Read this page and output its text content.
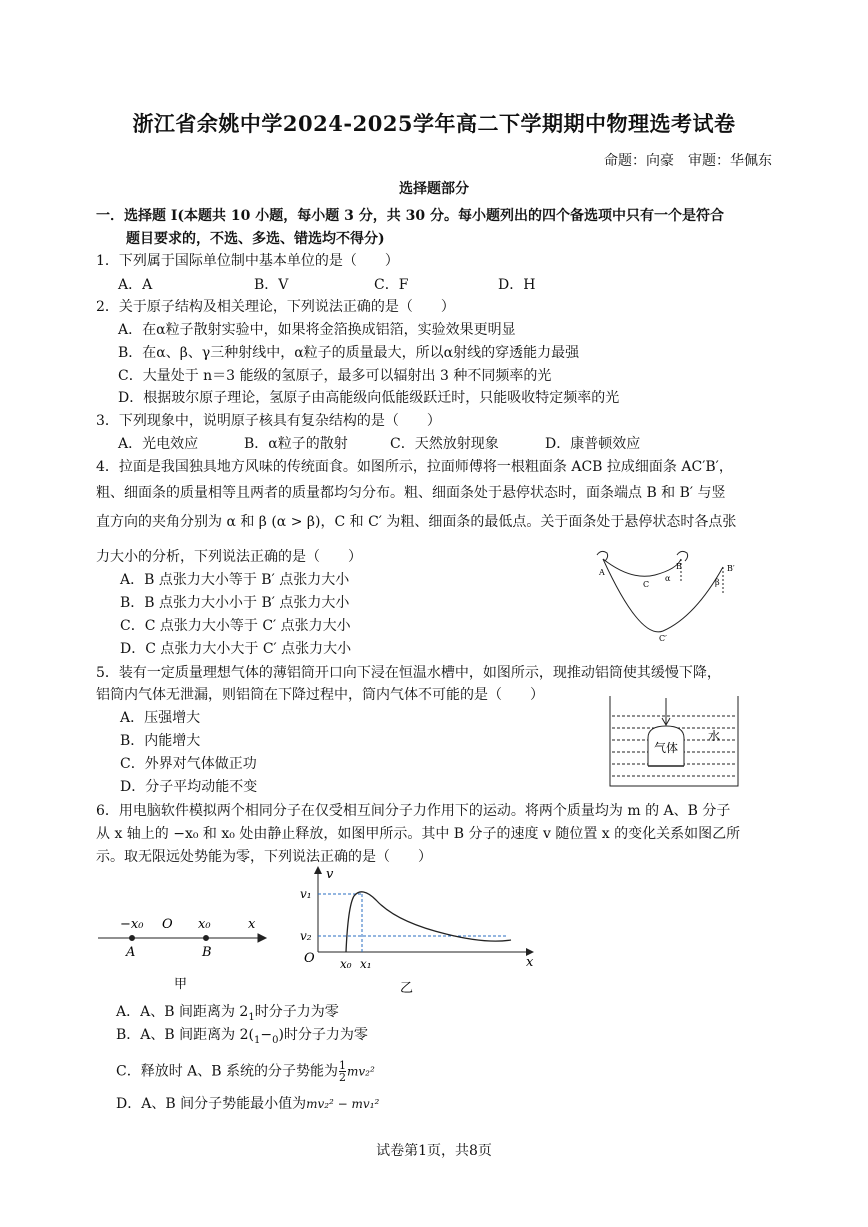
浙江省余姚中学2024-2025学年高二下学期期中物理选考试卷
命题：向豪　审题：华佩东
选择题部分
一．选择题 I(本题共 10 小题，每小题 3 分，共 30 分。每小题列出的四个备选项中只有一个是符合
题目要求的，不选、多选、错选均不得分)
1．下列属于国际单位制中基本单位的是（　　）
A．A	B．V	C．F	D．H
2．关于原子结构及相关理论，下列说法正确的是（　　）
A．在α粒子散射实验中，如果将金箔换成铝箔，实验效果更明显
B．在α、β、γ三种射线中，α粒子的质量最大，所以α射线的穿透能力最强
C．大量处于 n＝3 能级的氢原子，最多可以辐射出 3 种不同频率的光
D．根据玻尔原子理论，氢原子由高能级向低能级跃迁时，只能吸收特定频率的光
3．下列现象中，说明原子核具有复杂结构的是（　　）
A．光电效应	B．α粒子的散射	C．天然放射现象	D．康普顿效应
4．拉面是我国独具地方风味的传统面食。如图所示，拉面师傅将一根粗面条 ACB 拉成细面条 AC′B′，
粗、细面条的质量相等且两者的质量都均匀分布。粗、细面条处于悬停状态时，面条端点 B 和 B′ 与竖
直方向的夹角分别为 α 和 β (α > β)，C 和 C′ 为粗、细面条的最低点。关于面条处于悬停状态时各点张
力大小的分析，下列说法正确的是（　　）
A．B 点张力大小等于 B′ 点张力大小
B．B 点张力大小小于 B′ 点张力大小
C．C 点张力大小等于 C′ 点张力大小
D．C 点张力大小大于 C′ 点张力大小
A
C
B
α
B′
β
C′
5．装有一定质量理想气体的薄铝筒开口向下浸在恒温水槽中，如图所示，现推动铝筒使其缓慢下降，
铝筒内气体无泄漏，则铝筒在下降过程中，筒内气体不可能的是（　　）
A．压强增大
B．内能增大
C．外界对气体做正功
D．分子平均动能不变
气体
水
6．用电脑软件模拟两个相同分子在仅受相互间分子力作用下的运动。将两个质量均为 m 的 A、B 分子
从 x 轴上的 −x₀ 和 x₀ 处由静止释放，如图甲所示。其中 B 分子的速度 v 随位置 x 的变化关系如图乙所
示。取无限远处势能为零，下列说法正确的是（　　）
−x₀ O x₀	x
A	B
甲
v
v₁
v₂
O x₀ x₁	x
乙
A．A、B 间距离为 $2_1$时分子力为零
B．A、B 间距离为 $2(_1-_0)$时分子力为零
C．释放时 A、B 系统的分子势能为 $\frac{1}{2} mv_2^2$
D．A、B 间分子势能最小值为mv₂² − mv₁²
试卷第1页，共8页
